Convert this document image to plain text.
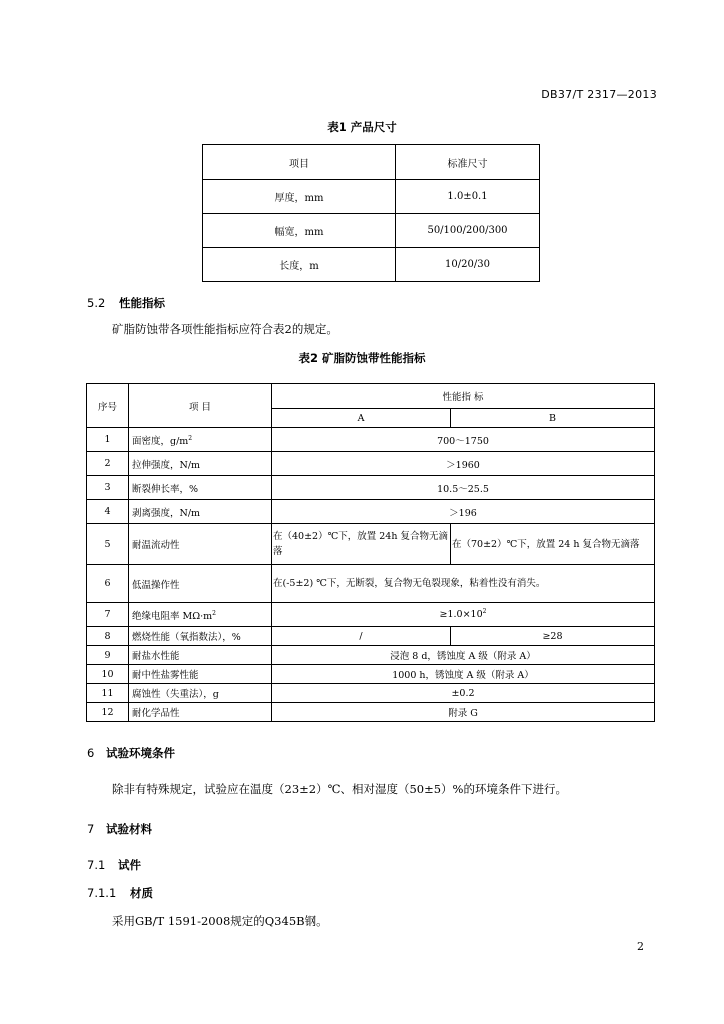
DB37/T 2317—2013
表1 产品尺寸
项目	标准尺寸
厚度，mm	1.0±0.1
幅宽，mm	50/100/200/300
长度，m	10/20/30
5.2 性能指标
矿脂防蚀带各项性能指标应符合表2的规定。
表2 矿脂防蚀带性能指标
序号	项 目	性能指 标	
		A	B
1	面密度，$g/m^2$	700～1750	
2	拉伸强度，N/m	＞1960	
3	断裂伸长率，%	10.5～25.5	
4	剥离强度，N/m	＞196	
5	耐温流动性	在（40±2）℃下，放置 24h 复合物无滴落	在（70±2）℃下，放置 24 h 复合物无滴落
6	低温操作性	在(-5±2) ℃下，无断裂，复合物无龟裂现象，粘着性没有消失。	
7	绝缘电阻率 $M\Omega\cdot m^2$	$\ge 1.0\times 10^2$
8	燃烧性能（氧指数法），%	/	≥28
9	耐盐水性能	浸泡 8 d，锈蚀度 A 级（附录 A）	
10	耐中性盐雾性能	1000 h，锈蚀度 A 级（附录 A）	
11	腐蚀性（失重法），g	±0.2	
12	耐化学品性	附录 G	
6 试验环境条件
除非有特殊规定，试验应在温度（23±2）℃、相对湿度（50±5）%的环境条件下进行。
7 试验材料
7.1 试件
7.1.1 材质
采用GB/T 1591-2008规定的Q345B钢。
2
